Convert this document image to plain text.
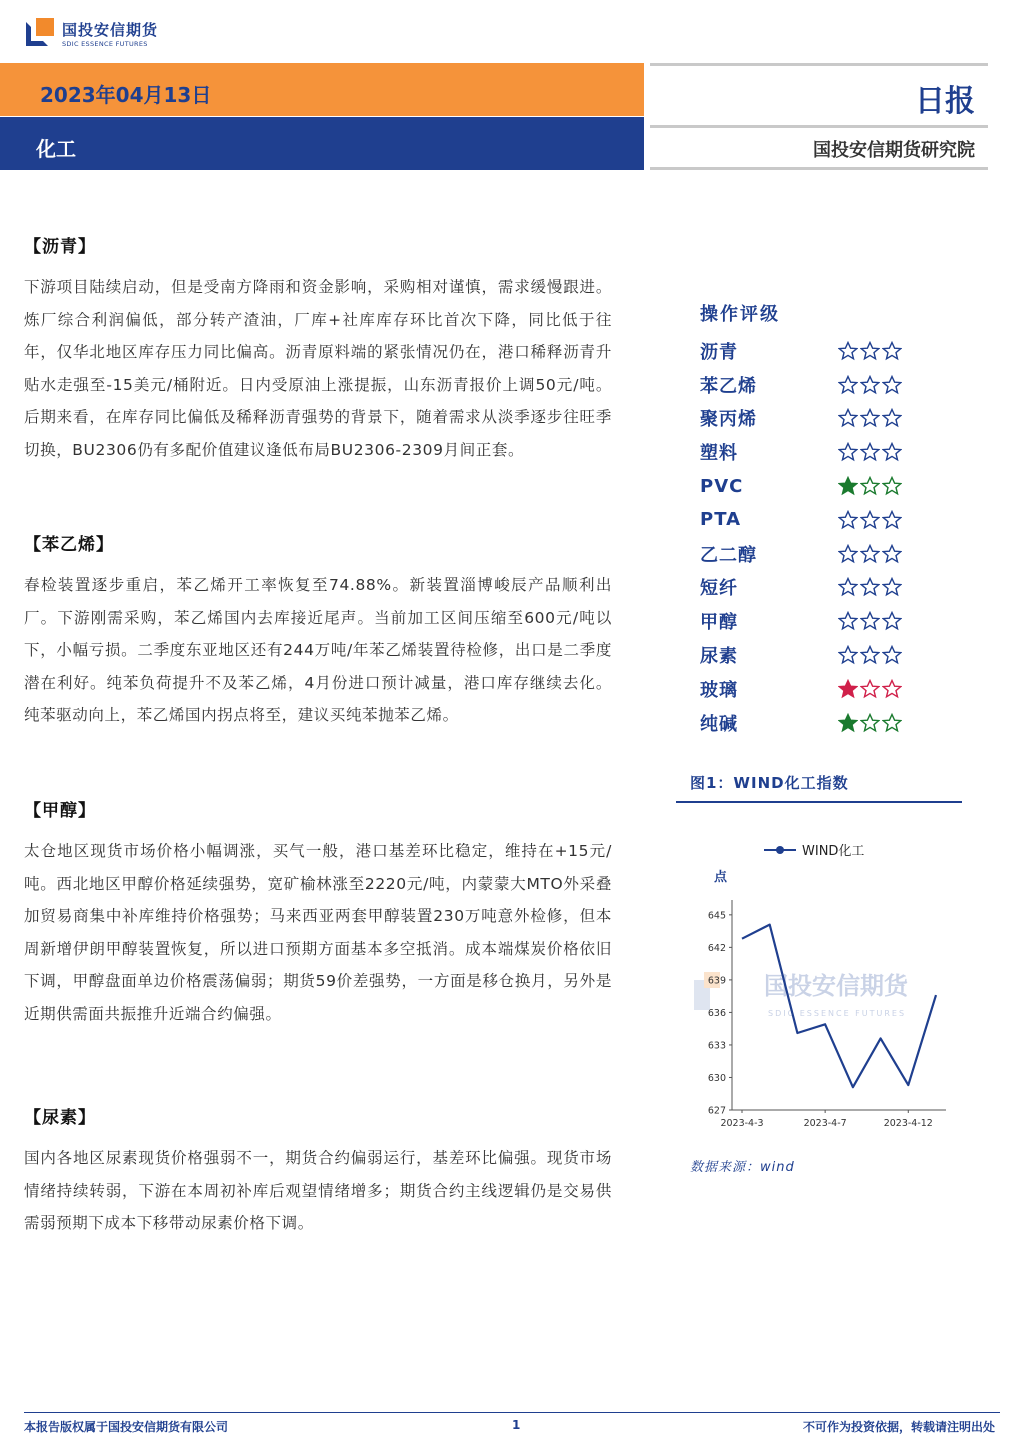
国投安信期货
SDIC ESSENCE FUTURES
2023年04月13日
化工
日报
国投安信期货研究院
【沥青】
下游项目陆续启动，但是受南方降雨和资金影响，采购相对谨慎，需求缓慢跟进。炼厂综合利润偏低，部分转产渣油，厂库+社库库存环比首次下降，同比低于往年，仅华北地区库存压力同比偏高。沥青原料端的紧张情况仍在，港口稀释沥青升贴水走强至-15美元/桶附近。日内受原油上涨提振，山东沥青报价上调50元/吨。后期来看，在库存同比偏低及稀释沥青强势的背景下，随着需求从淡季逐步往旺季切换，BU2306仍有多配价值建议逢低布局BU2306-2309月间正套。
【苯乙烯】
春检装置逐步重启，苯乙烯开工率恢复至74.88%。新装置淄博峻辰产品顺利出厂。下游刚需采购，苯乙烯国内去库接近尾声。当前加工区间压缩至600元/吨以下，小幅亏损。二季度东亚地区还有244万吨/年苯乙烯装置待检修，出口是二季度潜在利好。纯苯负荷提升不及苯乙烯，4月份进口预计减量，港口库存继续去化。纯苯驱动向上，苯乙烯国内拐点将至，建议买纯苯抛苯乙烯。
【甲醇】
太仓地区现货市场价格小幅调涨，买气一般，港口基差环比稳定，维持在+15元/吨。西北地区甲醇价格延续强势，宽矿榆林涨至2220元/吨，内蒙蒙大MTO外采叠加贸易商集中补库维持价格强势；马来西亚两套甲醇装置230万吨意外检修，但本周新增伊朗甲醇装置恢复，所以进口预期方面基本多空抵消。成本端煤炭价格依旧下调，甲醇盘面单边价格震荡偏弱；期货59价差强势，一方面是移仓换月，另外是近期供需面共振推升近端合约偏强。
【尿素】
国内各地区尿素现货价格强弱不一，期货合约偏弱运行，基差环比偏强。现货市场情绪持续转弱，下游在本周初补库后观望情绪增多；期货合约主线逻辑仍是交易供需弱预期下成本下移带动尿素价格下调。
操作评级
沥青
苯乙烯
聚丙烯
塑料
PVC
PTA
乙二醇
短纤
甲醇
尿素
玻璃
纯碱
图1：WIND化工指数
国投安信期货
SDIC ESSENCE FUTURES
WIND化工
点
627
630
633
636
639
642
645
2023-4-3	2023-4-7	2023-4-12
数据来源：wind
本报告版权属于国投安信期货有限公司	1	不可作为投资依据，转载请注明出处
